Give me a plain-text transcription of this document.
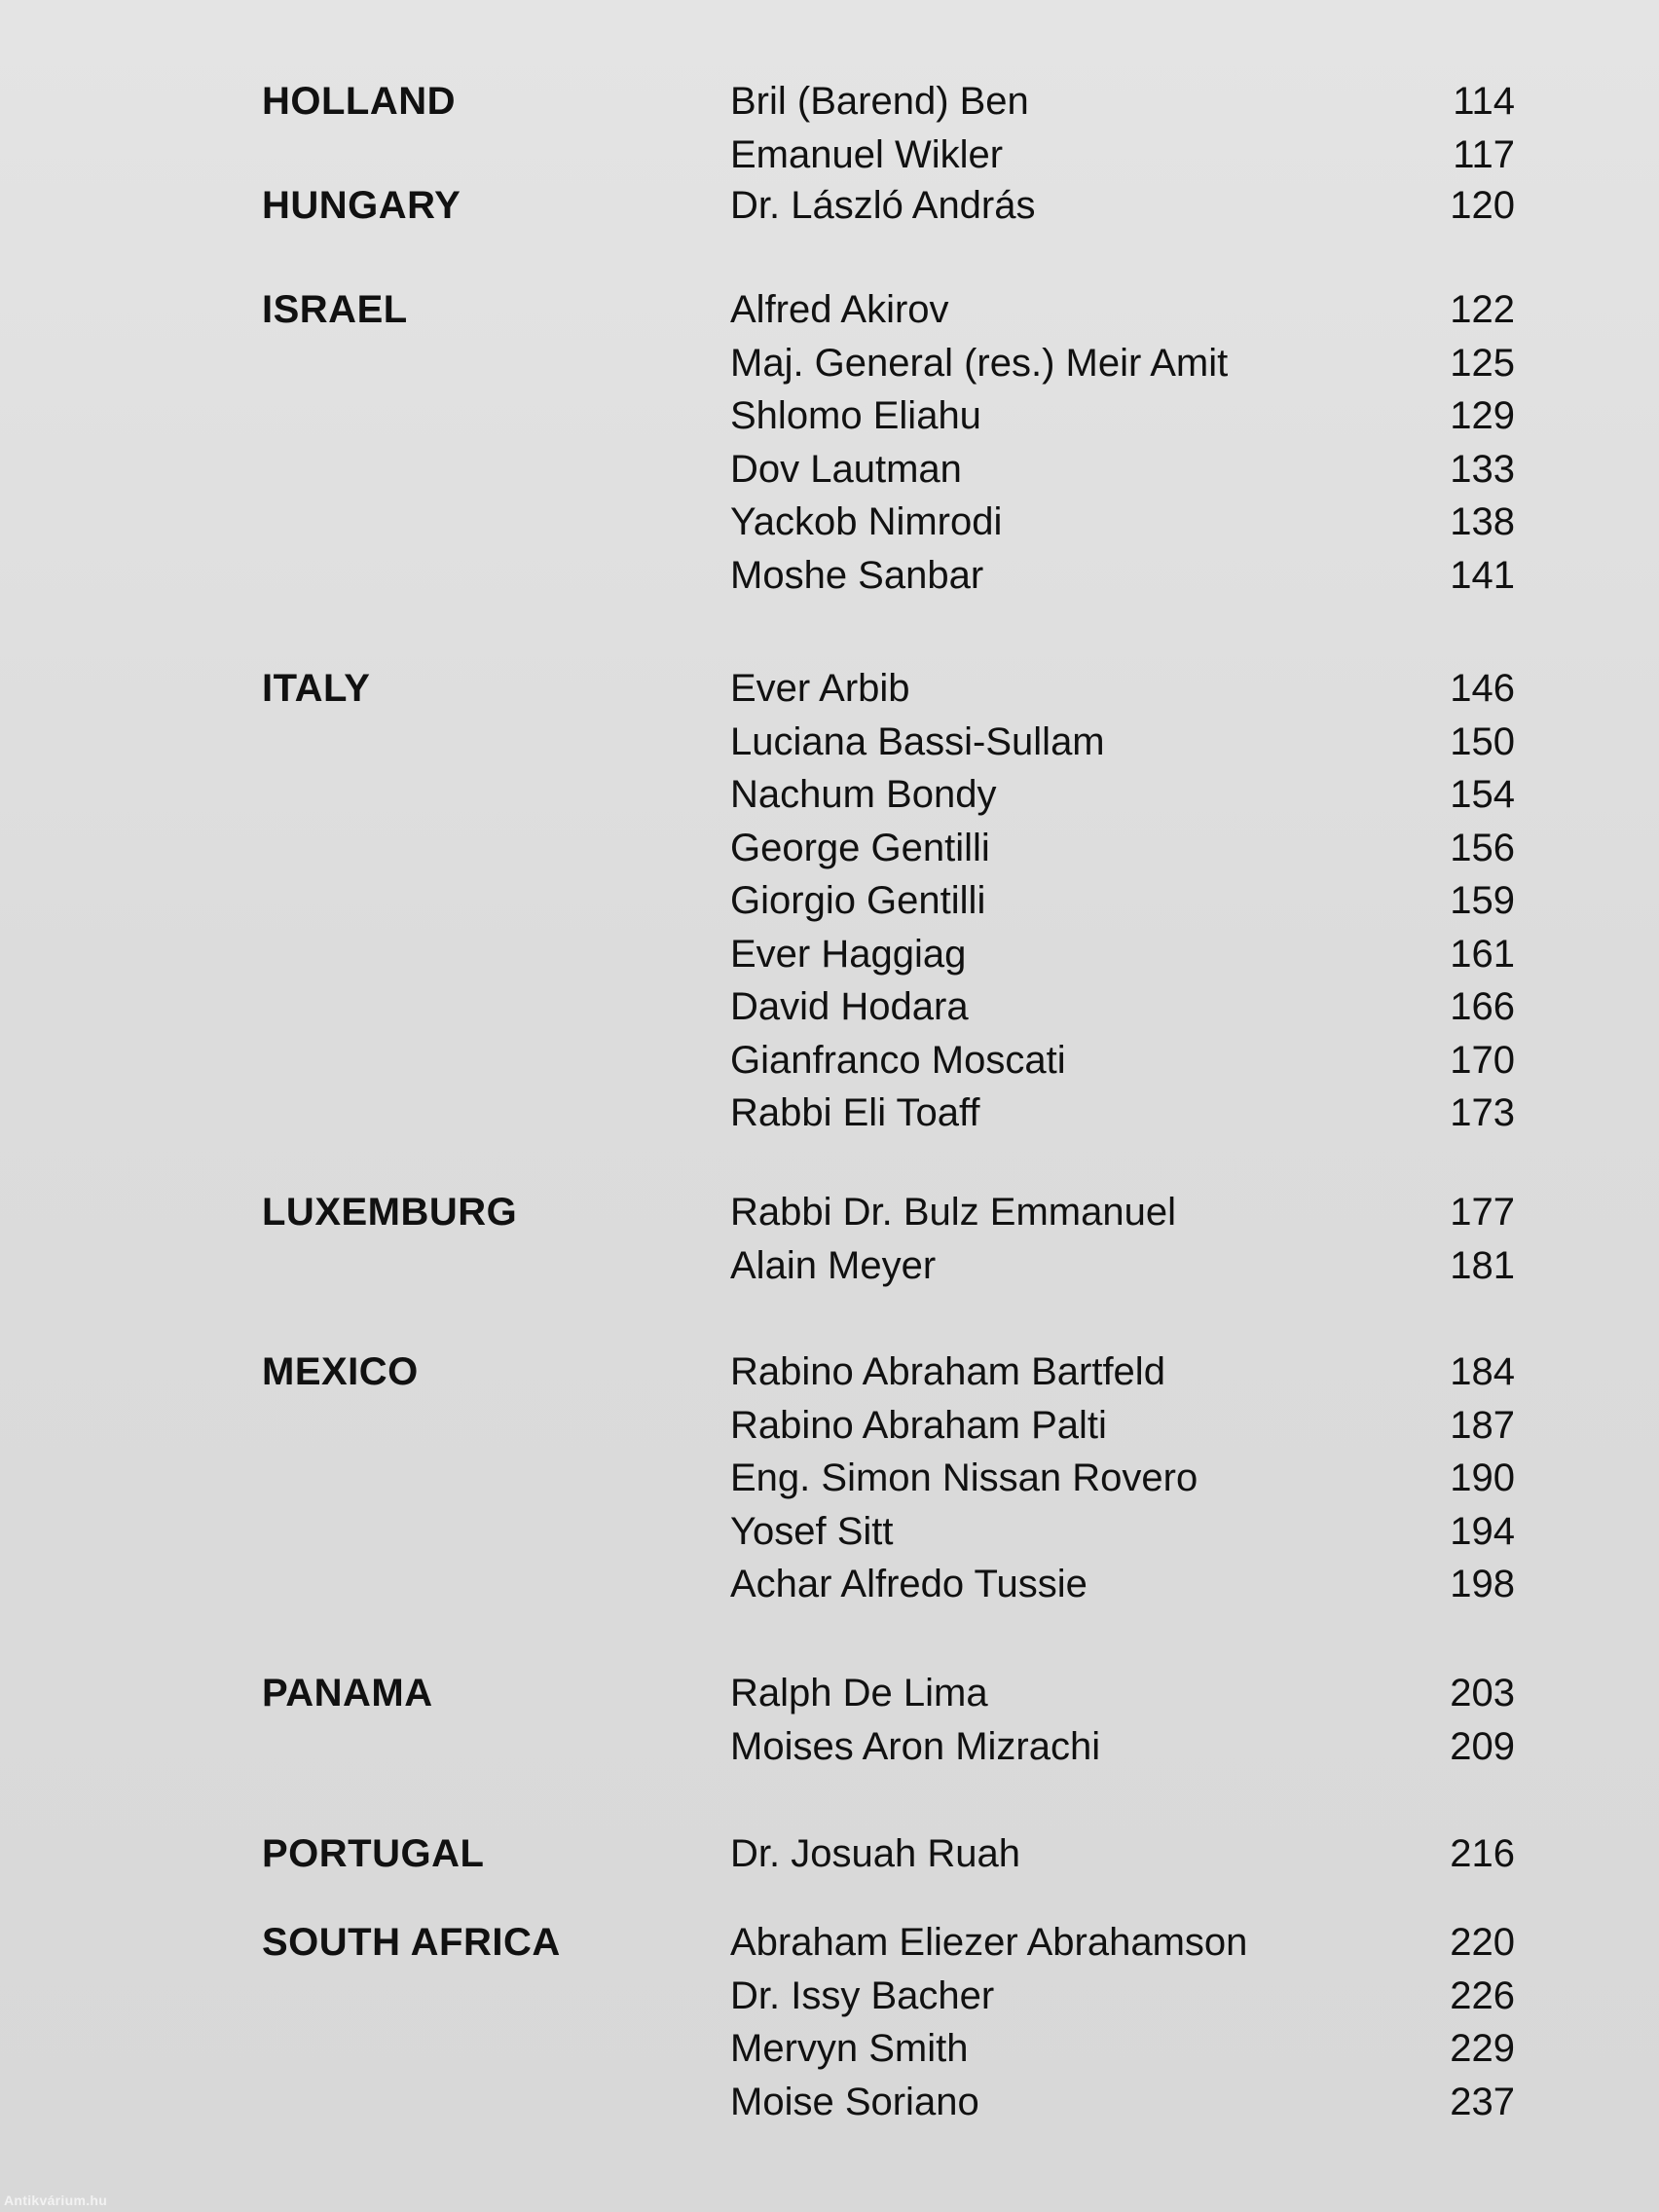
HOLLAND	Bril (Barend) Ben	114
Emanuel Wikler	117
HUNGARY	Dr. László András	120
ISRAEL	Alfred Akirov	122
Maj. General (res.) Meir Amit	125
Shlomo Eliahu	129
Dov Lautman	133
Yackob Nimrodi	138
Moshe Sanbar	141
ITALY	Ever Arbib	146
Luciana Bassi-Sullam	150
Nachum Bondy	154
George Gentilli	156
Giorgio Gentilli	159
Ever Haggiag	161
David Hodara	166
Gianfranco Moscati	170
Rabbi Eli Toaff	173
LUXEMBURG	Rabbi Dr. Bulz Emmanuel	177
Alain Meyer	181
MEXICO	Rabino Abraham Bartfeld	184
Rabino Abraham Palti	187
Eng. Simon Nissan Rovero	190
Yosef Sitt	194
Achar Alfredo Tussie	198
PANAMA	Ralph De Lima	203
Moises Aron Mizrachi	209
PORTUGAL	Dr. Josuah Ruah	216
SOUTH AFRICA	Abraham Eliezer Abrahamson	220
Dr. Issy Bacher	226
Mervyn Smith	229
Moise Soriano	237
Antikvárium.hu
